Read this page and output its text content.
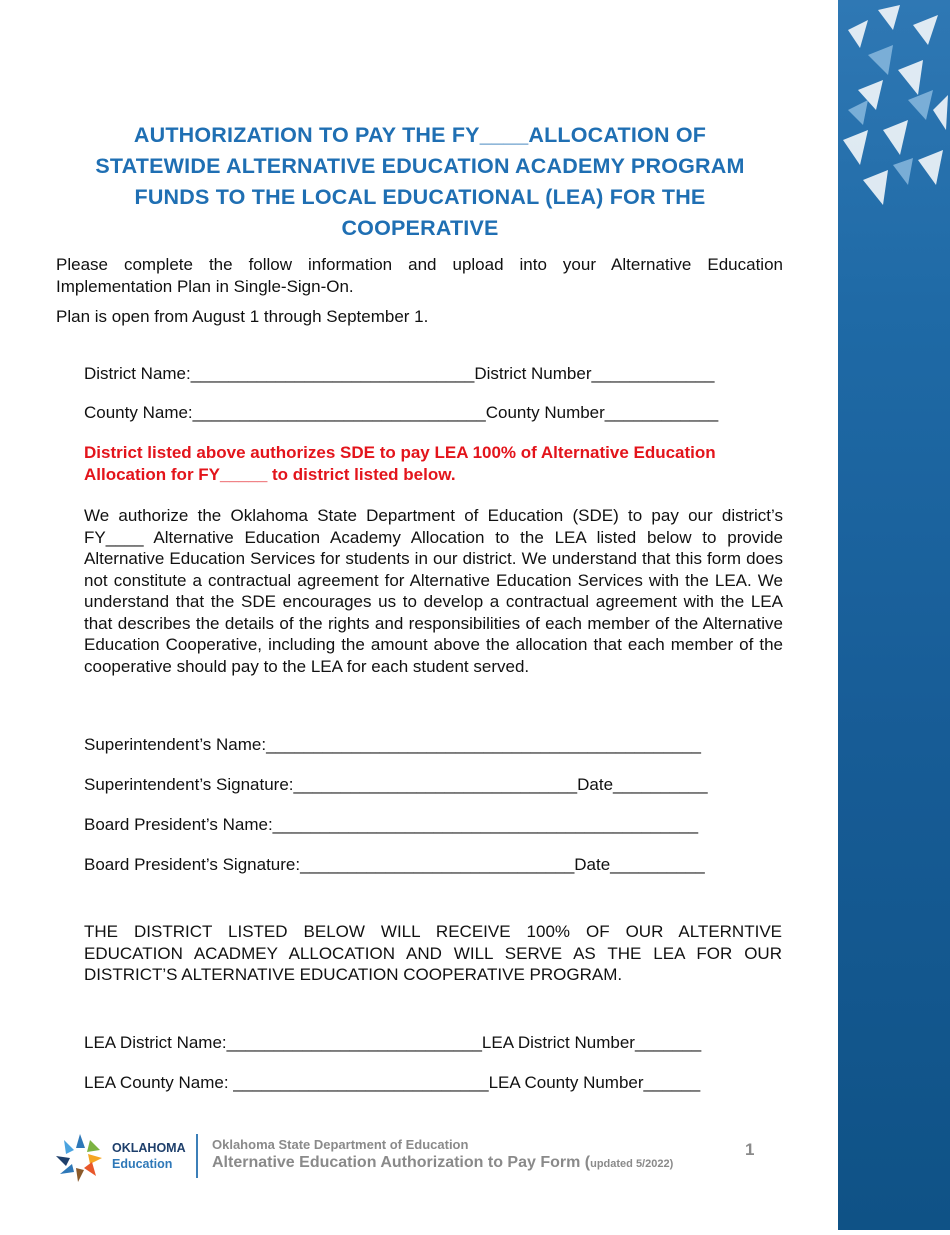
AUTHORIZATION TO PAY THE FY____ALLOCATION OF
STATEWIDE ALTERNATIVE EDUCATION ACADEMY PROGRAM
FUNDS TO THE LOCAL EDUCATIONAL (LEA) FOR THE
COOPERATIVE
Please complete the follow information and upload into your Alternative Education Implementation Plan in Single-Sign-On.
Plan is open from August 1 through September 1.
District Name:______________________________District Number_____________
County Name:_______________________________County Number____________
District listed above authorizes SDE to pay LEA 100% of Alternative Education Allocation for FY_____ to district listed below.
We authorize the Oklahoma State Department of Education (SDE) to pay our district’s FY____ Alternative Education Academy Allocation to the LEA listed below to provide Alternative Education Services for students in our district. We understand that this form does not constitute a contractual agreement for Alternative Education Services with the LEA. We understand that the SDE encourages us to develop a contractual agreement with the LEA that describes the details of the rights and responsibilities of each member of the Alternative Education Cooperative, including the amount above the allocation that each member of the cooperative should pay to the LEA for each student served.
Superintendent’s Name:______________________________________________
Superintendent’s Signature:______________________________Date__________
Board President’s Name:_____________________________________________
Board President’s Signature:_____________________________Date__________
THE DISTRICT LISTED BELOW WILL RECEIVE 100% OF OUR ALTERNTIVE EDUCATION ACADMEY ALLOCATION AND WILL SERVE AS THE LEA FOR OUR DISTRICT’S ALTERNATIVE EDUCATION COOPERATIVE PROGRAM.
LEA District Name:___________________________LEA District Number_______
LEA County Name: ___________________________LEA County Number______
OKLAHOMA
Education
Oklahoma State Department of Education
Alternative Education Authorization to Pay Form (updated 5/2022)
1
